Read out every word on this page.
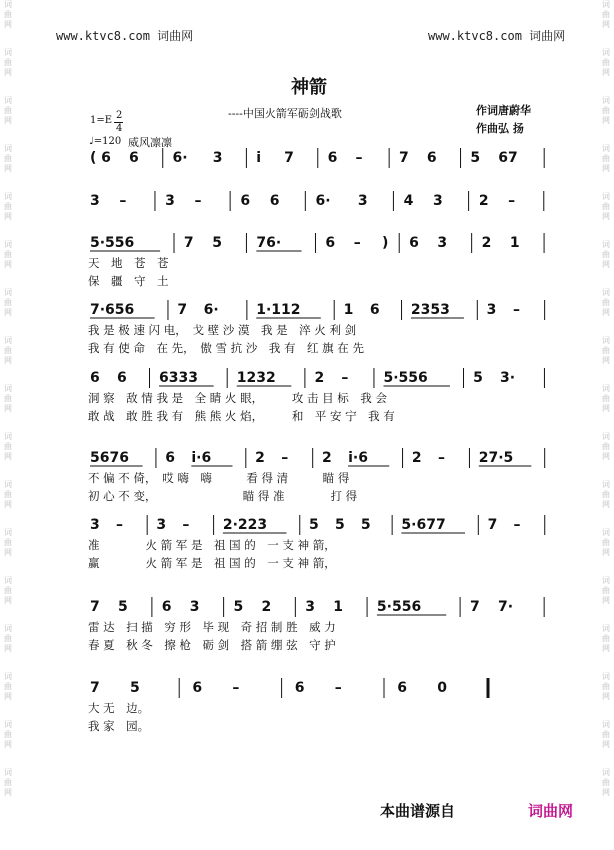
词
曲
网
词
曲
网
词
曲
网
词
曲
网
词
曲
网
词
曲
网
词
曲
网
词
曲
网
词
曲
网
词
曲
网
词
曲
网
词
曲
网
词
曲
网
词
曲
网
词
曲
网
词
曲
网
词
曲
网
词
曲
网
词
曲
网
词
曲
网
词
曲
网
词
曲
网
词
曲
网
词
曲
网
词
曲
网
词
曲
网
词
曲
网
词
曲
网
词
曲
网
词
曲
网
词
曲
网
词
曲
网
词
曲
网
词
曲
网
www.ktvc8.com 词曲网	www.ktvc8.com 词曲网
神箭
----中国火箭军砺剑战歌	作词唐蔚华
作曲弘 扬
1=E 2
4
♩=120 威风凛凛
( 6 6 6· 3 i 7 6 –	7 6 5 67
3 –	3 –	6 6	6· 3	4 3	2 –
5·556	7 5 76·	6 – ) 6 3 2 1
天　地　苍　苍
保　疆　守　土
7·656	7 6·	1·112	1 6 2353	3 –
我 是 极 速 闪 电，　戈 壁 沙 漠　我 是　淬 火 利 剑
我 有 使 命　在 先，　傲 雪 抗 沙　我 有　红 旗 在 先
6 6 6333	1232	2 –	5·556	5 3·
洞 察　敌 情 我 是　全 睛 火 眼，　　　攻 击 目 标　我 会
敢 战　敢 胜 我 有　熊 熊 火 焰，　　　和　平 安 宁　我 有
5676	6 i·6	2 – 2 i·6	2 – 27·5
不 偏 不 倚，　哎 嗨　嗨　　　看 得 清　　　瞄 得
初 心 不 变，　　　　　　　　瞄 得 准　　　　打 得
3 – 3 – 2·223	5 5 5 5·677	7 –
准　　　　火 箭 军 是　祖 国 的　一 支 神 箭，
赢　　　　火 箭 军 是　祖 国 的　一 支 神 箭，
7 5 6 3 5 2 3 1 5·556	7 7·
雷 达　扫 描　穷 形　毕 现　奇 招 制 胜　威 力
春 夏　秋 冬　擦 枪　砺 剑　搭 箭 绷 弦　守 护
7 5	6 –	6 –	6 0
大 无　边。
我 家　园。
本曲谱源自	词曲网
